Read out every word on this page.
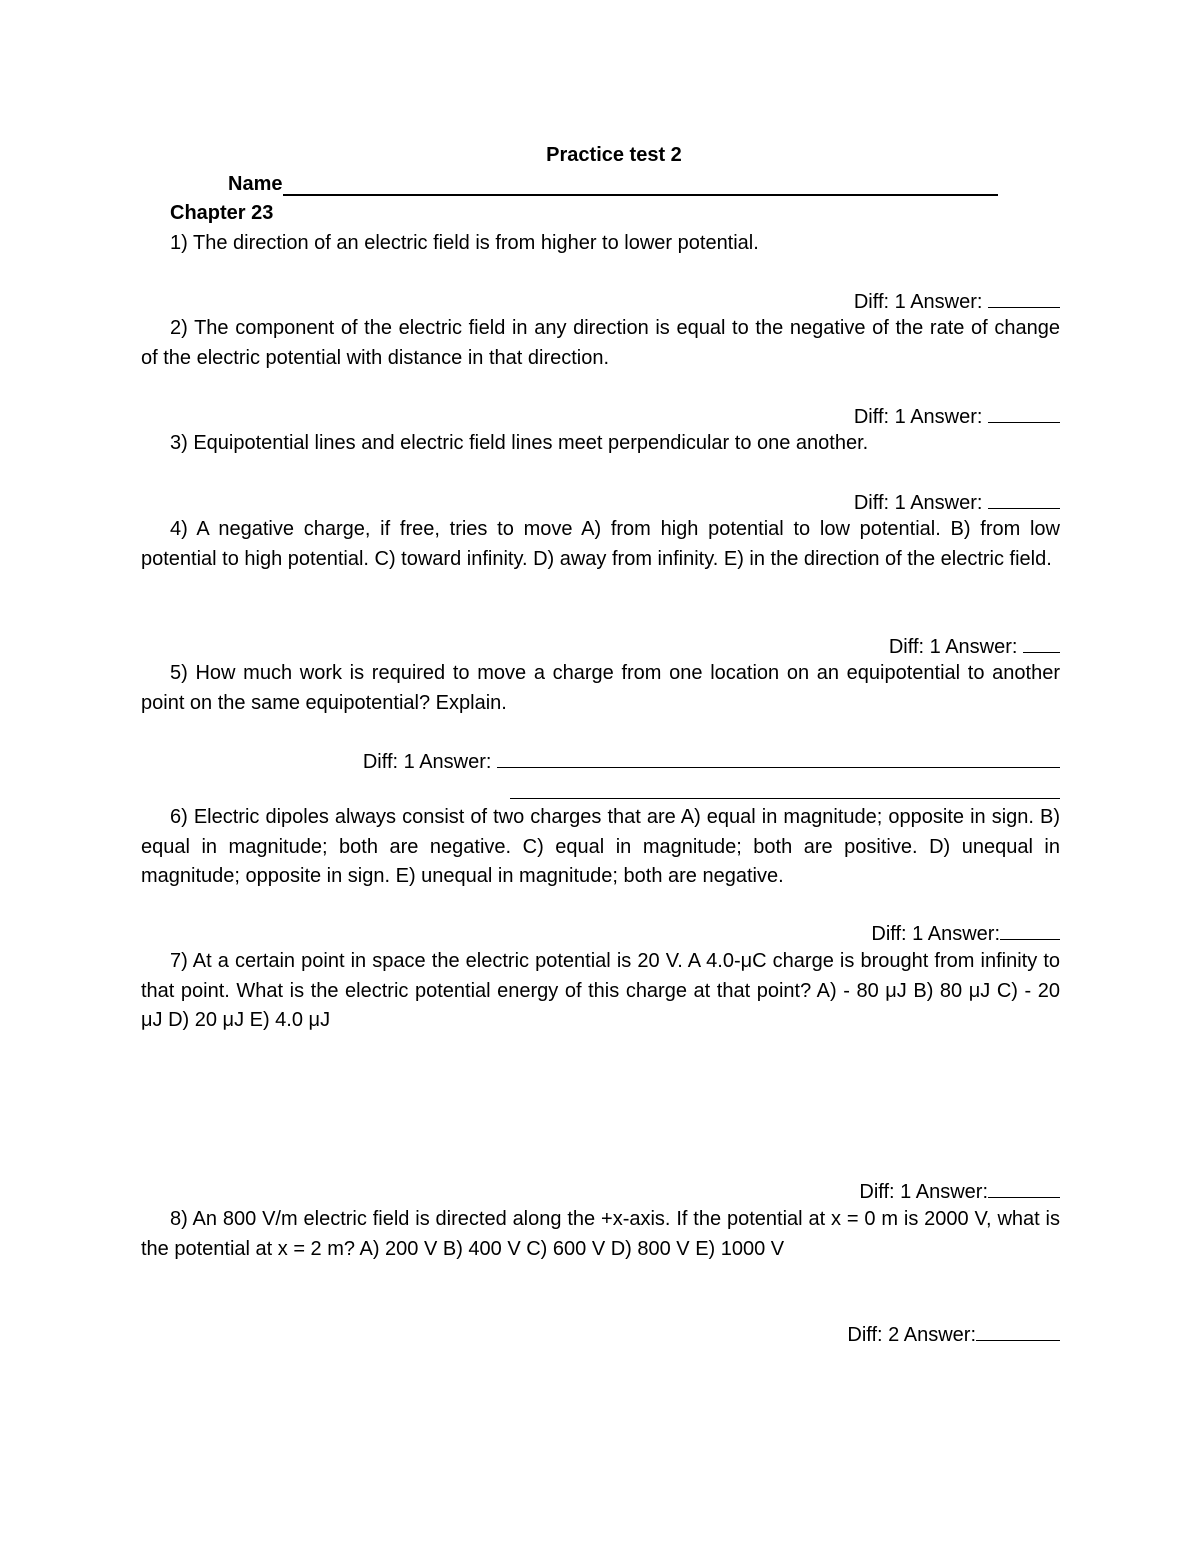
Practice test 2
Name
Chapter 23
1) The direction of an electric field is from higher to lower potential.
Diff: 1 Answer:
2) The component of the electric field in any direction is equal to the negative of the rate of change of the electric potential with distance in that direction.
Diff: 1 Answer:
3) Equipotential lines and electric field lines meet perpendicular to one another.
Diff: 1 Answer:
4) A negative charge, if free, tries to move A) from high potential to low potential. B) from low potential to high potential. C) toward infinity. D) away from infinity. E) in the direction of the electric field.
Diff: 1 Answer:
5) How much work is required to move a charge from one location on an equipotential to another point on the same equipotential? Explain.
Diff: 1 Answer:
6) Electric dipoles always consist of two charges that are A) equal in magnitude; opposite in sign. B) equal in magnitude; both are negative. C) equal in magnitude; both are positive. D) unequal in magnitude; opposite in sign. E) unequal in magnitude; both are negative.
Diff: 1 Answer:
7) At a certain point in space the electric potential is 20 V. A 4.0-μC charge is brought from infinity to that point. What is the electric potential energy of this charge at that point? A) - 80 μJ B) 80 μJ C) - 20 μJ D) 20 μJ E) 4.0 μJ
Diff: 1 Answer:
8) An 800 V/m electric field is directed along the +x-axis. If the potential at x = 0 m is 2000 V, what is the potential at x = 2 m? A) 200 V B) 400 V C) 600 V D) 800 V E) 1000 V
Diff: 2 Answer:
